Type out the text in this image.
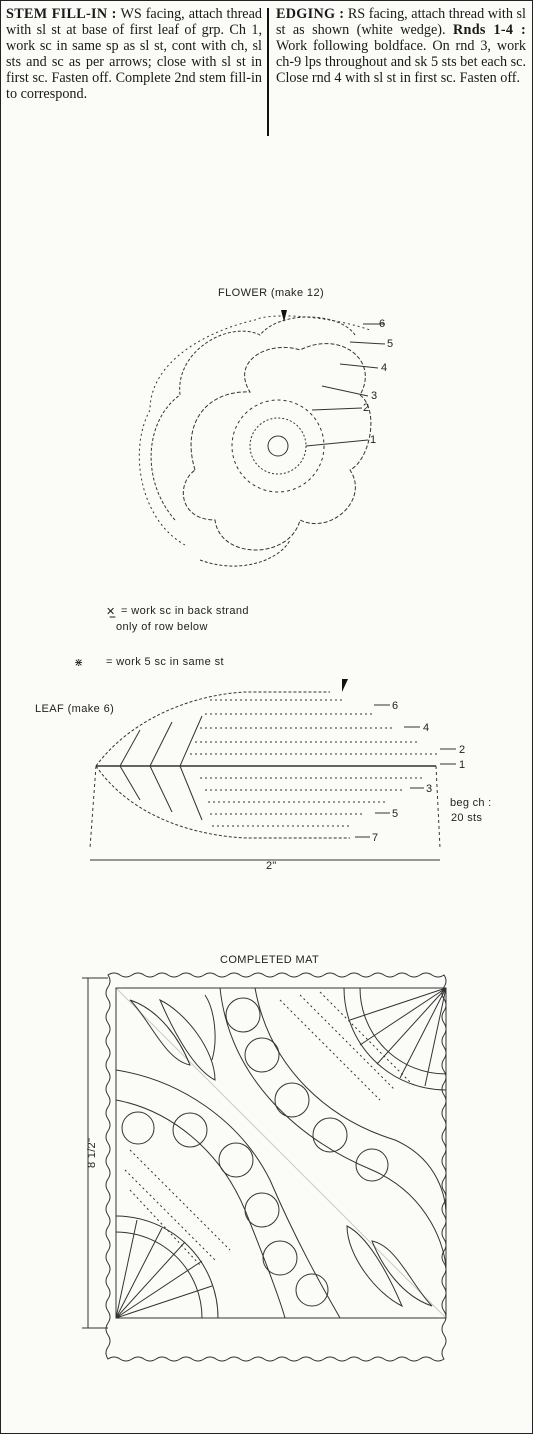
STEM FILL-IN : WS facing, attach thread with sl st at base of first leaf of grp. Ch 1, work sc in same sp as sl st, cont with ch, sl sts and sc as per arrows; close with sl st in first sc. Fasten off. Complete 2nd stem fill-in to correspond.
EDGING : RS facing, attach thread with sl st as shown (white wedge). Rnds 1-4 : Work following boldface. On rnd 3, work ch-9 lps throughout and sk 5 sts bet each sc. Close rnd 4 with sl st in first sc. Fasten off.
FLOWER (make 12)
6
5
4
3
2
1
✕̲ = work sc in back strand
only of row below
⋇ = work 5 sc in same st
LEAF (make 6)	6
4
2
1
3
5
7
beg ch :
20 sts
2"
COMPLETED MAT
8 1/2"
